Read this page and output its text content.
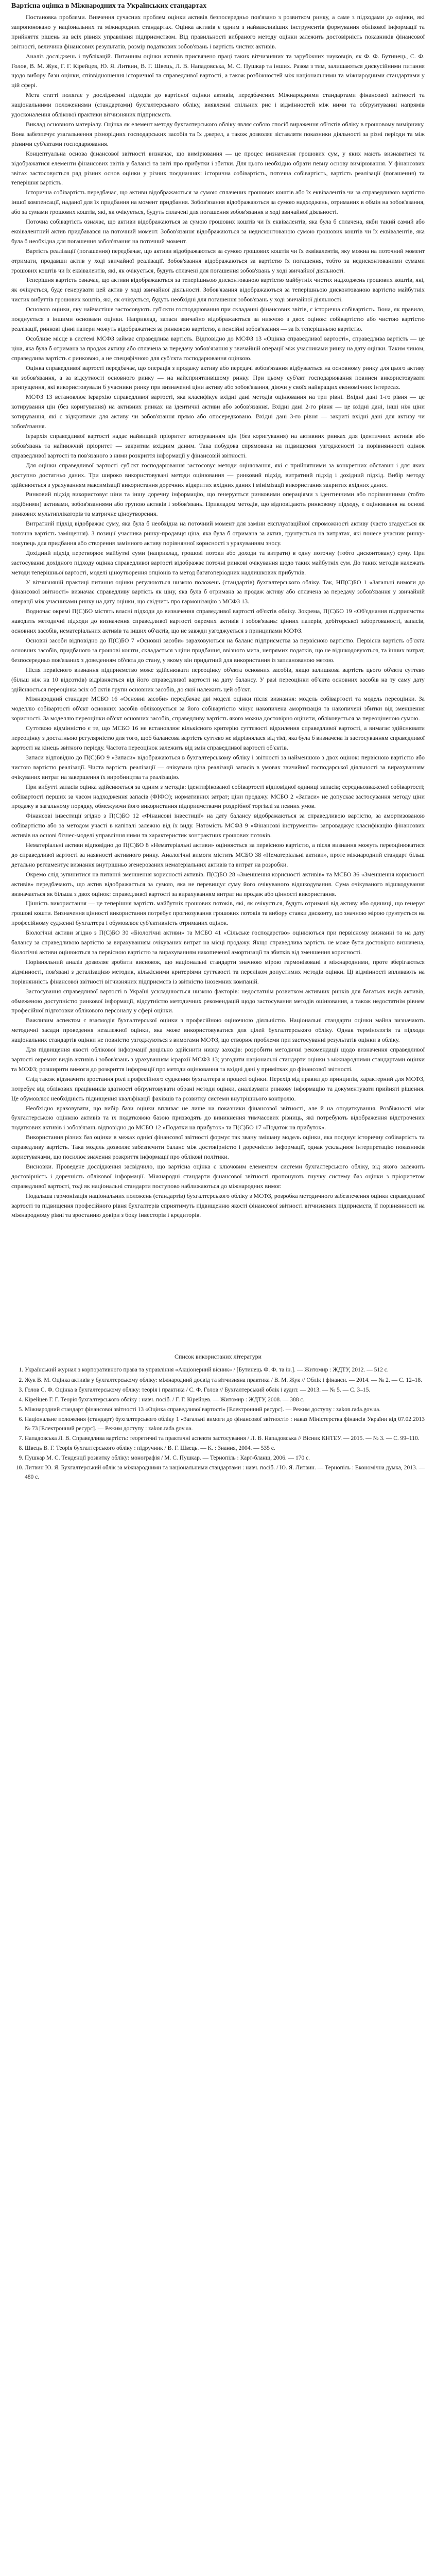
Вартісна оцінка в Міжнародних та Українських стандартах

Постановка проблеми. Вивчення сучасних проблем оцінки активів безпосередньо пов'язано з розвитком ринку, а саме з підходами до оцінки, які запропоновано у національних та міжнародних стандартах. Оцінка активів є одним з найважливіших інструментів формування облікової інформації та прийняття рішень на всіх рівнях управління підприємством. Від правильності вибраного методу оцінки залежить достовірність показників фінансової звітності, величина фінансових результатів, розмір податкових зобов'язань і вартість чистих активів.

Аналіз досліджень і публікацій. Питанням оцінки активів присвячено праці таких вітчизняних та зарубіжних науковців, як Ф. Ф. Бутинець, С. Ф. Голов, В. М. Жук, Г. Г. Кірейцев, Ю. Я. Литвин, В. Г. Швець, Л. В. Нападовська, М. С. Пушкар та інших. Разом з тим, залишаються дискусійними питання щодо вибору бази оцінки, співвідношення історичної та справедливої вартості, а також розбіжностей між національними та міжнародними стандартами у цій сфері.

Мета статті полягає у дослідженні підходів до вартісної оцінки активів, передбачених Міжнародними стандартами фінансової звітності та національними положеннями (стандартами) бухгалтерського обліку, виявленні спільних рис і відмінностей між ними та обґрунтуванні напрямів удосконалення облікової практики вітчизняних підприємств.

Виклад основного матеріалу. Оцінка як елемент методу бухгалтерського обліку являє собою спосіб вираження об'єктів обліку в грошовому вимірнику. Вона забезпечує узагальнення різнорідних господарських засобів та їх джерел, а також дозволяє зіставляти показники діяльності за різні періоди та між різними суб'єктами господарювання.

Концептуальна основа фінансової звітності визначає, що вимірювання — це процес визначення грошових сум, у яких мають визнаватися та відображатися елементи фінансових звітів у балансі та звіті про прибутки і збитки. Для цього необхідно обрати певну основу вимірювання. У фінансових звітах застосовується ряд різних основ оцінки у різних поєднаннях: історична собівартість, поточна собівартість, вартість реалізації (погашення) та теперішня вартість.

Історична собівартість передбачає, що активи відображаються за сумою сплачених грошових коштів або їх еквівалентів чи за справедливою вартістю іншої компенсації, наданої для їх придбання на момент придбання. Зобов'язання відображаються за сумою надходжень, отриманих в обмін на зобов'язання, або за сумами грошових коштів, які, як очікується, будуть сплачені для погашення зобов'язання в ході звичайної діяльності.

Поточна собівартість означає, що активи відображаються за сумою грошових коштів чи їх еквівалентів, яка була б сплачена, якби такий самий або еквівалентний актив придбавався на поточний момент. Зобов'язання відображаються за недисконтованою сумою грошових коштів чи їх еквівалентів, яка була б необхідна для погашення зобов'язання на поточний момент.

Вартість реалізації (погашення) передбачає, що активи відображаються за сумою грошових коштів чи їх еквівалентів, яку можна на поточний момент отримати, продавши актив у ході звичайної реалізації. Зобов'язання відображаються за вартістю їх погашення, тобто за недисконтованими сумами грошових коштів чи їх еквівалентів, які, як очікується, будуть сплачені для погашення зобов'язань у ході звичайної діяльності.

Теперішня вартість означає, що активи відображаються за теперішньою дисконтованою вартістю майбутніх чистих надходжень грошових коштів, які, як очікується, буде генерувати цей актив у ході звичайної діяльності. Зобов'язання відображаються за теперішньою дисконтованою вартістю майбутніх чистих вибуттів грошових коштів, які, як очікується, будуть необхідні для погашення зобов'язань у ході звичайної діяльності.

Основою оцінки, яку найчастіше застосовують суб'єкти господарювання при складанні фінансових звітів, є історична собівартість. Вона, як правило, поєднується з іншими основами оцінки. Наприклад, запаси звичайно відображаються за нижчою з двох оцінок: собівартістю або чистою вартістю реалізації, ринкові цінні папери можуть відображатися за ринковою вартістю, а пенсійні зобов'язання — за їх теперішньою вартістю.

Особливе місце в системі МСФЗ займає справедлива вартість. Відповідно до МСФЗ 13 «Оцінка справедливої вартості», справедлива вартість — це ціна, яка була б отримана за продаж активу або сплачена за передачу зобов'язання у звичайній операції між учасниками ринку на дату оцінки. Таким чином, справедлива вартість є ринковою, а не специфічною для суб'єкта господарювання оцінкою.

Оцінка справедливої вартості передбачає, що операція з продажу активу або передачі зобов'язання відбувається на основному ринку для цього активу чи зобов'язання, а за відсутності основного ринку — на найсприятливішому ринку. При цьому суб'єкт господарювання повинен використовувати припущення, які використовували б учасники ринку при визначенні ціни активу або зобов'язання, діючи у своїх найкращих економічних інтересах.

МСФЗ 13 встановлює ієрархію справедливої вартості, яка класифікує вхідні дані методів оцінювання на три рівні. Вхідні дані 1-го рівня — це котирування цін (без коригування) на активних ринках на ідентичні активи або зобов'язання. Вхідні дані 2-го рівня — це вхідні дані, інші ніж ціни котирування, які є відкритими для активу чи зобов'язання прямо або опосередковано. Вхідні дані 3-го рівня — закриті вхідні дані для активу чи зобов'язання.

Ієрархія справедливої вартості надає найвищий пріоритет котируванням цін (без коригування) на активних ринках для ідентичних активів або зобов'язань та найнижчий пріоритет — закритим вхідним даним. Така побудова спрямована на підвищення узгодженості та порівнянності оцінок справедливої вартості та пов'язаного з ними розкриття інформації у фінансовій звітності.

Для оцінки справедливої вартості суб'єкт господарювання застосовує методи оцінювання, які є прийнятними за конкретних обставин і для яких доступно достатньо даних. Три широко використовувані методи оцінювання — ринковий підхід, витратний підхід і дохідний підхід. Вибір методу здійснюється з урахуванням максимізації використання доречних відкритих вхідних даних і мінімізації використання закритих вхідних даних.

Ринковий підхід використовує ціни та іншу доречну інформацію, що генерується ринковими операціями з ідентичними або порівнянними (тобто подібними) активами, зобов'язаннями або групою активів і зобов'язань. Прикладом методів, що відповідають ринковому підходу, є оцінювання на основі ринкових мультиплікаторів та матричне ціноутворення.

Витратний підхід відображає суму, яка була б необхідна на поточний момент для заміни експлуатаційної спроможності активу (часто згадується як поточна вартість заміщення). З позиції учасника ринку-продавця ціна, яка була б отримана за актив, ґрунтується на витратах, які понесе учасник ринку-покупець для придбання або створення замінного активу порівнянної корисності з урахуванням зносу.

Дохідний підхід перетворює майбутні суми (наприклад, грошові потоки або доходи та витрати) в одну поточну (тобто дисконтовану) суму. При застосуванні дохідного підходу оцінка справедливої вартості відображає поточні ринкові очікування щодо таких майбутніх сум. До таких методів належать методи теперішньої вартості, моделі ціноутворення опціонів та метод багатоперіодних надлишкових прибутків.

У вітчизняній практиці питання оцінки регулюються низкою положень (стандартів) бухгалтерського обліку. Так, НП(С)БО 1 «Загальні вимоги до фінансової звітності» визначає справедливу вартість як ціну, яка була б отримана за продаж активу або сплачена за передачу зобов'язання у звичайній операції між учасниками ринку на дату оцінки, що свідчить про гармонізацію з МСФЗ 13.

Водночас окремі П(С)БО містять власні підходи до визначення справедливої вартості об'єктів обліку. Зокрема, П(С)БО 19 «Об'єднання підприємств» наводить методичні підходи до визначення справедливої вартості окремих активів і зобов'язань: цінних паперів, дебіторської заборгованості, запасів, основних засобів, нематеріальних активів та інших об'єктів, що не завжди узгоджується з принципами МСФЗ.

Основні засоби відповідно до П(С)БО 7 «Основні засоби» зараховуються на баланс підприємства за первісною вартістю. Первісна вартість об'єкта основних засобів, придбаного за грошові кошти, складається з ціни придбання, ввізного мита, непрямих податків, що не відшкодовуються, та інших витрат, безпосередньо пов'язаних з доведенням об'єкта до стану, у якому він придатний для використання із запланованою метою.

Після первісного визнання підприємство може здійснювати переоцінку об'єкта основних засобів, якщо залишкова вартість цього об'єкта суттєво (більш ніж на 10 відсотків) відрізняється від його справедливої вартості на дату балансу. У разі переоцінки об'єкта основних засобів на ту саму дату здійснюється переоцінка всіх об'єктів групи основних засобів, до якої належить цей об'єкт.

Міжнародний стандарт МСБО 16 «Основні засоби» передбачає дві моделі оцінки після визнання: модель собівартості та модель переоцінки. За моделлю собівартості об'єкт основних засобів обліковується за його собівартістю мінус накопичена амортизація та накопичені збитки від зменшення корисності. За моделлю переоцінки об'єкт основних засобів, справедливу вартість якого можна достовірно оцінити, обліковується за переоціненою сумою.

Суттєвою відмінністю є те, що МСБО 16 не встановлює кількісного критерію суттєвості відхилення справедливої вартості, а вимагає здійснювати переоцінку з достатньою регулярністю для того, щоб балансова вартість суттєво не відрізнялася від тієї, яка була б визначена із застосуванням справедливої вартості на кінець звітного періоду. Частота переоцінок залежить від змін справедливої вартості об'єктів.

Запаси відповідно до П(С)БО 9 «Запаси» відображаються в бухгалтерському обліку і звітності за найменшою з двох оцінок: первісною вартістю або чистою вартістю реалізації. Чиста вартість реалізації — очікувана ціна реалізації запасів в умовах звичайної господарської діяльності за вирахуванням очікуваних витрат на завершення їх виробництва та реалізацію.

При вибутті запасів оцінка здійснюється за одним з методів: ідентифікованої собівартості відповідної одиниці запасів; середньозваженої собівартості; собівартості перших за часом надходження запасів (ФІФО); нормативних затрат; ціни продажу. МСБО 2 «Запаси» не допускає застосування методу ціни продажу в загальному порядку, обмежуючи його використання підприємствами роздрібної торгівлі за певних умов.

Фінансові інвестиції згідно з П(С)БО 12 «Фінансові інвестиції» на дату балансу відображаються за справедливою вартістю, за амортизованою собівартістю або за методом участі в капіталі залежно від їх виду. Натомість МСФЗ 9 «Фінансові інструменти» запроваджує класифікацію фінансових активів на основі бізнес-моделі управління ними та характеристик контрактних грошових потоків.

Нематеріальні активи відповідно до П(С)БО 8 «Нематеріальні активи» оцінюються за первісною вартістю, а після визнання можуть переоцінюватися до справедливої вартості за наявності активного ринку. Аналогічні вимоги містить МСБО 38 «Нематеріальні активи», проте міжнародний стандарт більш детально регламентує визнання внутрішньо згенерованих нематеріальних активів та витрат на розробки.

Окремо слід зупинитися на питанні зменшення корисності активів. П(С)БО 28 «Зменшення корисності активів» та МСБО 36 «Зменшення корисності активів» передбачають, що актив відображається за сумою, яка не перевищує суму його очікуваного відшкодування. Сума очікуваного відшкодування визначається як більша з двох оцінок: справедливої вартості за вирахуванням витрат на продаж або цінності використання.

Цінність використання — це теперішня вартість майбутніх грошових потоків, які, як очікується, будуть отримані від активу або одиниці, що генерує грошові кошти. Визначення цінності використання потребує прогнозування грошових потоків та вибору ставки дисконту, що значною мірою ґрунтується на професійному судженні бухгалтера і обумовлює суб'єктивність отриманих оцінок.

Біологічні активи згідно з П(С)БО 30 «Біологічні активи» та МСБО 41 «Сільське господарство» оцінюються при первісному визнанні та на дату балансу за справедливою вартістю за вирахуванням очікуваних витрат на місці продажу. Якщо справедлива вартість не може бути достовірно визначена, біологічні активи оцінюються за первісною вартістю за вирахуванням накопиченої амортизації та збитків від зменшення корисності.

Порівняльний аналіз дозволяє зробити висновок, що національні стандарти значною мірою гармонізовані з міжнародними, проте зберігаються відмінності, пов'язані з деталізацією методик, кількісними критеріями суттєвості та переліком допустимих методів оцінки. Ці відмінності впливають на порівнянність фінансової звітності вітчизняних підприємств із звітністю іноземних компаній.

Застосування справедливої вартості в Україні ускладнюється низкою факторів: недостатнім розвитком активних ринків для багатьох видів активів, обмеженою доступністю ринкової інформації, відсутністю методичних рекомендацій щодо застосування методів оцінювання, а також недостатнім рівнем професійної підготовки облікового персоналу у сфері оцінки.

Важливим аспектом є взаємодія бухгалтерської оцінки з професійною оціночною діяльністю. Національні стандарти оцінки майна визначають методичні засади проведення незалежної оцінки, яка може використовуватися для цілей бухгалтерського обліку. Однак термінологія та підходи національних стандартів оцінки не повністю узгоджуються з вимогами МСФЗ, що створює проблеми при застосуванні результатів оцінки в обліку.

Для підвищення якості облікової інформації доцільно здійснити низку заходів: розробити методичні рекомендації щодо визначення справедливої вартості окремих видів активів і зобов'язань з урахуванням ієрархії МСФЗ 13; узгодити національні стандарти оцінки з міжнародними стандартами оцінки та МСФЗ; розширити вимоги до розкриття інформації про методи оцінювання та вхідні дані у примітках до фінансової звітності.

Слід також відзначити зростання ролі професійного судження бухгалтера в процесі оцінки. Перехід від правил до принципів, характерний для МСФЗ, потребує від облікових працівників здатності обґрунтовувати обрані методи оцінки, аналізувати ринкову інформацію та документувати прийняті рішення. Це обумовлює необхідність підвищення кваліфікації фахівців та розвитку системи внутрішнього контролю.

Необхідно враховувати, що вибір бази оцінки впливає не лише на показники фінансової звітності, але й на оподаткування. Розбіжності між бухгалтерською оцінкою активів та їх податковою базою призводять до виникнення тимчасових різниць, які потребують відображення відстрочених податкових активів і зобов'язань відповідно до МСБО 12 «Податки на прибуток» та П(С)БО 17 «Податок на прибуток».

Використання різних баз оцінки в межах однієї фінансової звітності формує так звану змішану модель оцінки, яка поєднує історичну собівартість та справедливу вартість. Така модель дозволяє забезпечити баланс між достовірністю і доречністю інформації, однак ускладнює інтерпретацію показників користувачами, що посилює значення розкриття інформації про облікові політики.

Висновки. Проведене дослідження засвідчило, що вартісна оцінка є ключовим елементом системи бухгалтерського обліку, від якого залежить достовірність і доречність облікової інформації. Міжнародні стандарти фінансової звітності пропонують гнучку систему баз оцінки з пріоритетом справедливої вартості, тоді як національні стандарти поступово наближаються до міжнародних вимог.

Подальша гармонізація національних положень (стандартів) бухгалтерського обліку з МСФЗ, розробка методичного забезпечення оцінки справедливої вартості та підвищення професійного рівня бухгалтерів сприятимуть підвищенню якості фінансової звітності вітчизняних підприємств, її порівнянності на міжнародному рівні та зростанню довіри з боку інвесторів і кредиторів.

Список використаних літератури
1. Український журнал з корпоративного права та управління «Акціонерний вісник» / [Бутинець Ф. Ф. та ін.]. — Житомир : ЖДТУ, 2012. — 512 с.
2. Жук В. М. Оцінка активів у бухгалтерському обліку: міжнародний досвід та вітчизняна практика / В. М. Жук // Облік і фінанси. — 2014. — № 2. — С. 12–18.
3. Голов С. Ф. Оцінка в бухгалтерському обліку: теорія і практика / С. Ф. Голов // Бухгалтерський облік і аудит. — 2013. — № 5. — С. 3–15.
4. Кірейцев Г. Г. Теорія бухгалтерського обліку : навч. посіб. / Г. Г. Кірейцев. — Житомир : ЖДТУ, 2008. — 388 с.
5. Міжнародний стандарт фінансової звітності 13 «Оцінка справедливої вартості» [Електронний ресурс]. — Режим доступу : zakon.rada.gov.ua.
6. Національне положення (стандарт) бухгалтерського обліку 1 «Загальні вимоги до фінансової звітності» : наказ Міністерства фінансів України від 07.02.2013 № 73 [Електронний ресурс]. — Режим доступу : zakon.rada.gov.ua.
7. Нападовська Л. В. Справедлива вартість: теоретичні та практичні аспекти застосування / Л. В. Нападовська // Вісник КНТЕУ. — 2015. — № 3. — С. 99–110.
8. Швець В. Г. Теорія бухгалтерського обліку : підручник / В. Г. Швець. — К. : Знання, 2004. — 535 с.
9. Пушкар М. С. Тенденції розвитку обліку: монографія / М. С. Пушкар. — Тернопіль : Карт-бланш, 2006. — 170 с.
10. Литвин Ю. Я. Бухгалтерський облік за міжнародними та національними стандартами : навч. посіб. / Ю. Я. Литвин. — Тернопіль : Економічна думка, 2013. — 480 с.
